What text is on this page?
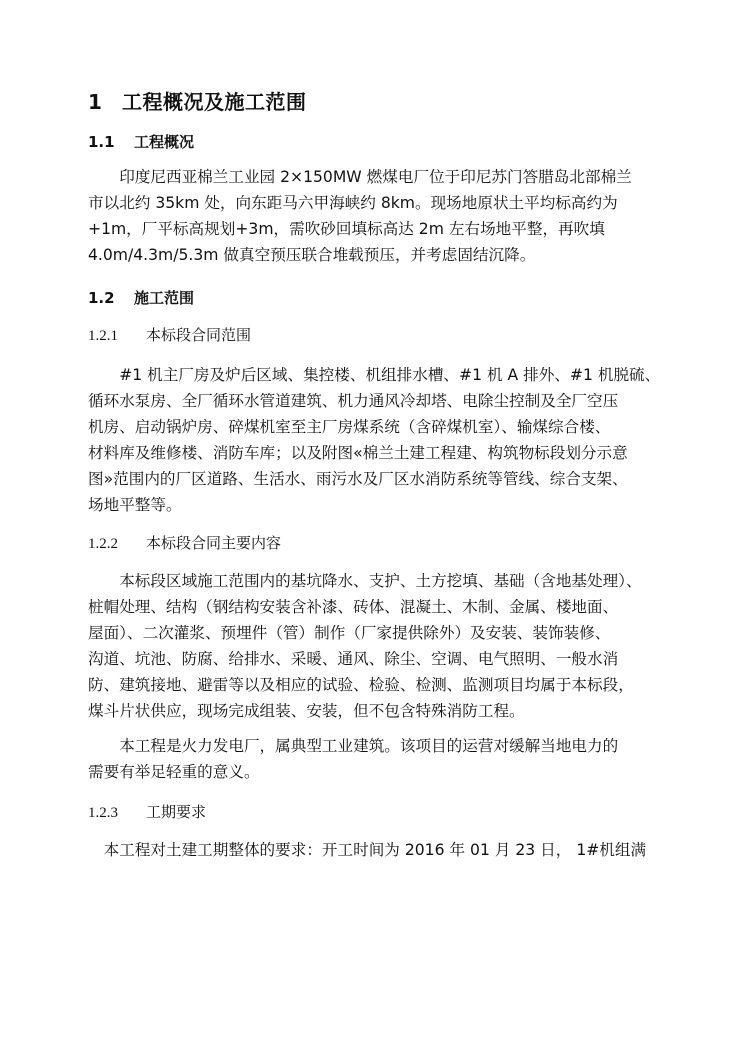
1 工程概况及施工范围
1.1 工程概况
　　印度尼西亚棉兰工业园 2×150MW 燃煤电厂位于印尼苏门答腊岛北部棉兰
市以北约 35km 处，向东距马六甲海峡约 8km。现场地原状土平均标高约为
+1m，厂平标高规划+3m，需吹砂回填标高达 2m 左右场地平整，再吹填
4.0m/4.3m/5.3m 做真空预压联合堆载预压，并考虑固结沉降。
1.2 施工范围
1.2.1 本标段合同范围
　　#1 机主厂房及炉后区域、集控楼、机组排水槽、#1 机 A 排外、#1 机脱硫、
循环水泵房、全厂循环水管道建筑、机力通风冷却塔、电除尘控制及全厂空压
机房、启动锅炉房、碎煤机室至主厂房煤系统（含碎煤机室）、输煤综合楼、
材料库及维修楼、消防车库；以及附图«棉兰土建工程建、构筑物标段划分示意
图»范围内的厂区道路、生活水、雨污水及厂区水消防系统等管线、综合支架、
场地平整等。
1.2.2 本标段合同主要内容
　　本标段区域施工范围内的基坑降水、支护、土方挖填、基础（含地基处理）、
桩帽处理、结构（钢结构安装含补漆、砖体、混凝土、木制、金属、楼地面、
屋面）、二次灌浆、预埋件（管）制作（厂家提供除外）及安装、装饰装修、
沟道、坑池、防腐、给排水、采暖、通风、除尘、空调、电气照明、一般水消
防、建筑接地、避雷等以及相应的试验、检验、检测、监测项目均属于本标段，
煤斗片状供应，现场完成组装、安装，但不包含特殊消防工程。
　　本工程是火力发电厂，属典型工业建筑。该项目的运营对缓解当地电力的
需要有举足轻重的意义。
1.2.3 工期要求
　本工程对土建工期整体的要求：开工时间为 2016 年 01 月 23 日， 1#机组满
